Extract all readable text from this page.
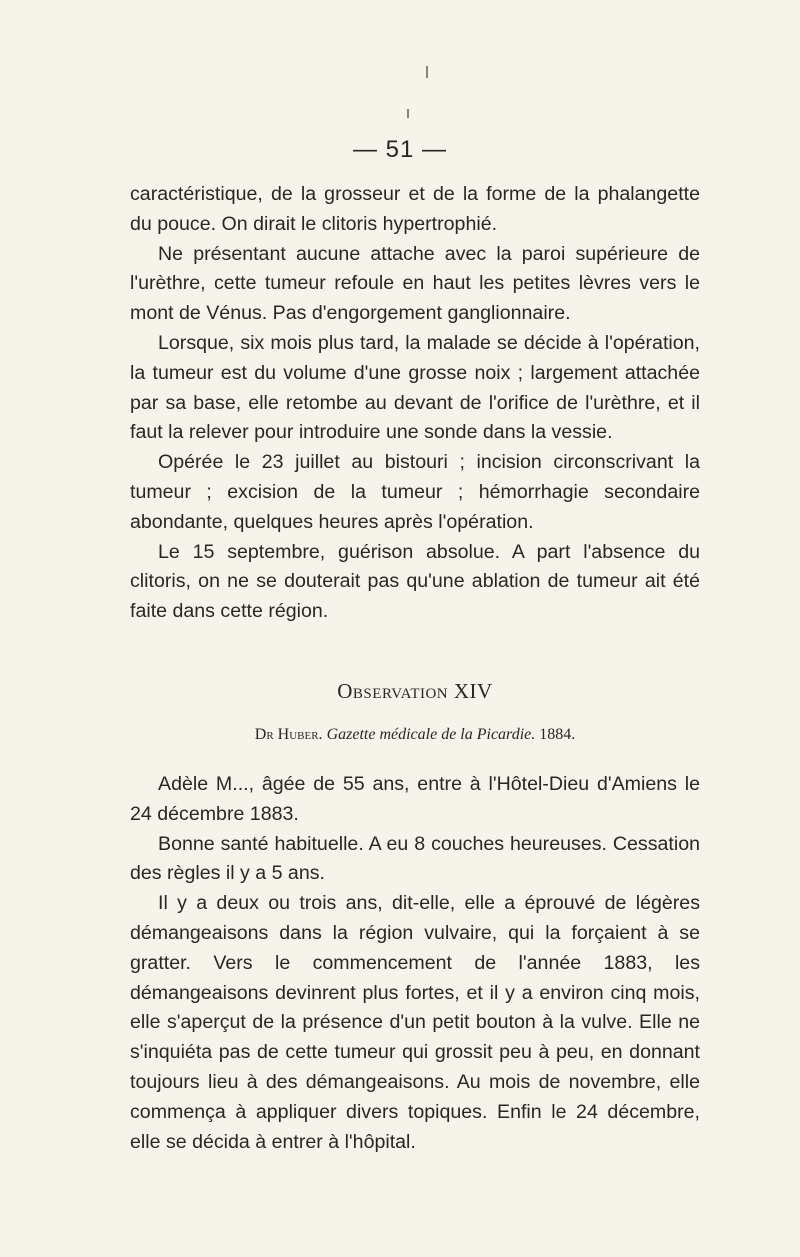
— 51 —

caractéristique, de la grosseur et de la forme de la phalangette du pouce. On dirait le clitoris hypertrophié.

Ne présentant aucune attache avec la paroi supérieure de l'urèthre, cette tumeur refoule en haut les petites lèvres vers le mont de Vénus. Pas d'engorgement ganglionnaire.

Lorsque, six mois plus tard, la malade se décide à l'opération, la tumeur est du volume d'une grosse noix ; largement attachée par sa base, elle retombe au devant de l'orifice de l'urèthre, et il faut la relever pour introduire une sonde dans la vessie.

Opérée le 23 juillet au bistouri ; incision circonscrivant la tumeur ; excision de la tumeur ; hémorrhagie secondaire abondante, quelques heures après l'opération.

Le 15 septembre, guérison absolue. A part l'absence du clitoris, on ne se douterait pas qu'une ablation de tumeur ait été faite dans cette région.

Observation XIV
Dr Huber. Gazette médicale de la Picardie. 1884.

Adèle M..., âgée de 55 ans, entre à l'Hôtel-Dieu d'Amiens le 24 décembre 1883.

Bonne santé habituelle. A eu 8 couches heureuses. Cessation des règles il y a 5 ans.

Il y a deux ou trois ans, dit-elle, elle a éprouvé de légères démangeaisons dans la région vulvaire, qui la forçaient à se gratter. Vers le commencement de l'année 1883, les démangeaisons devinrent plus fortes, et il y a environ cinq mois, elle s'aperçut de la présence d'un petit bouton à la vulve. Elle ne s'inquiéta pas de cette tumeur qui grossit peu à peu, en donnant toujours lieu à des démangeaisons. Au mois de novembre, elle commença à appliquer divers topiques. Enfin le 24 décembre, elle se décida à entrer à l'hôpital.
